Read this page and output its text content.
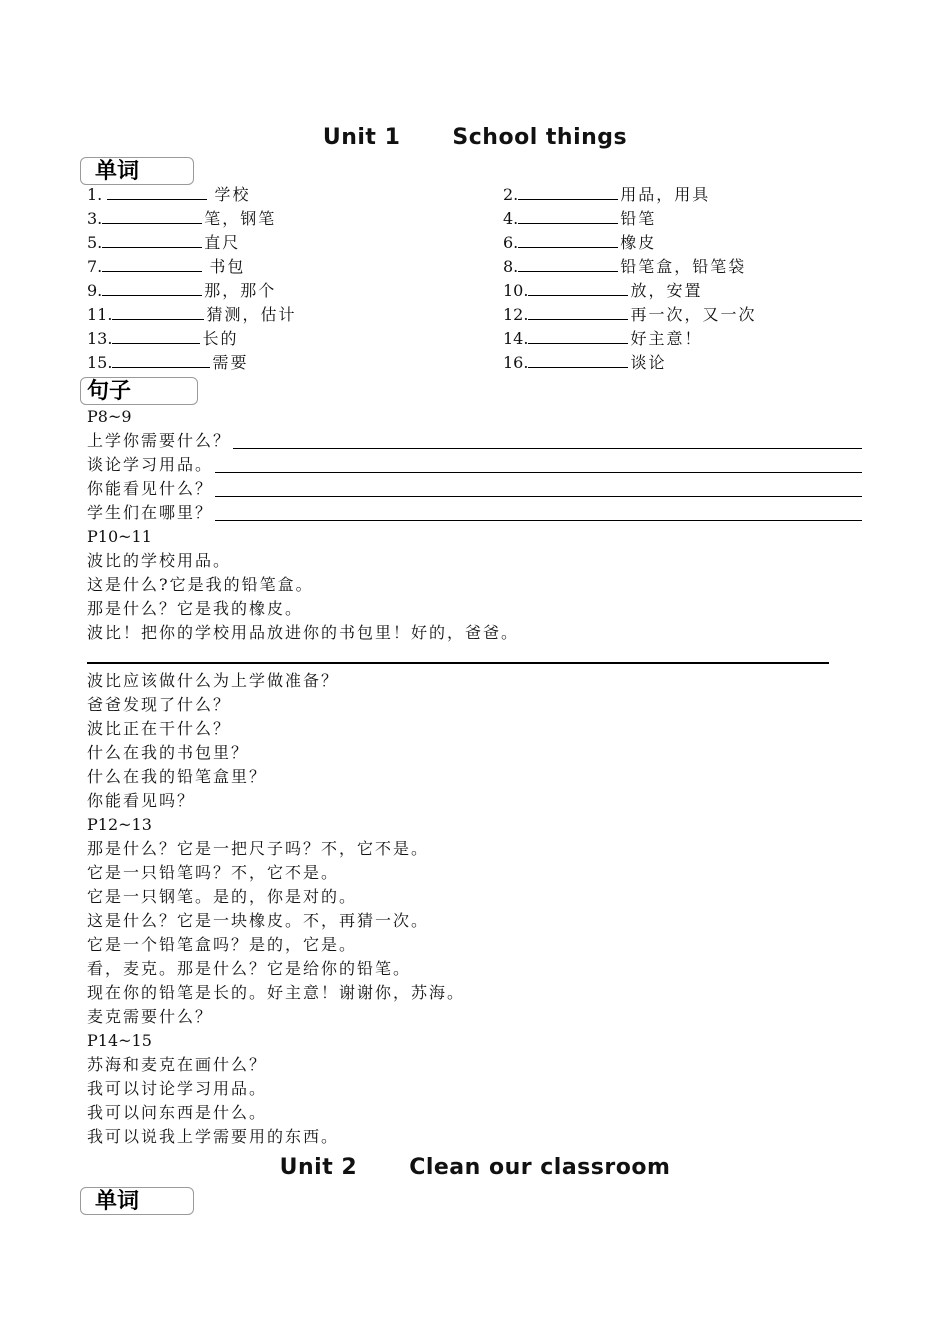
Unit 1 School things
单词
1.	学校	2.	用品，用具
3.	笔，钢笔	4.	铅笔
5.	直尺	6.	橡皮
7.	书包	8.	铅笔盒，铅笔袋
9.	那，那个	10.	放，安置
11.	猜测，估计	12.	再一次，又一次
13.	长的	14.	好主意！
15.	需要	16.	谈论
句子
P8~9
上学你需要什么？
谈论学习用品。
你能看见什么？
学生们在哪里？
P10~11
波比的学校用品。
这是什么?它是我的铅笔盒。
那是什么？它是我的橡皮。
波比！把你的学校用品放进你的书包里！好的，爸爸。
波比应该做什么为上学做准备？
爸爸发现了什么？
波比正在干什么？
什么在我的书包里？
什么在我的铅笔盒里？
你能看见吗？
P12~13
那是什么？它是一把尺子吗？不，它不是。
它是一只铅笔吗？不，它不是。
它是一只钢笔。是的，你是对的。
这是什么？它是一块橡皮。不，再猜一次。
它是一个铅笔盒吗？是的，它是。
看，麦克。那是什么？它是给你的铅笔。
现在你的铅笔是长的。好主意！谢谢你，苏海。
麦克需要什么？
P14~15
苏海和麦克在画什么？
我可以讨论学习用品。
我可以问东西是什么。
我可以说我上学需要用的东西。
Unit 2 Clean our classroom
单词
